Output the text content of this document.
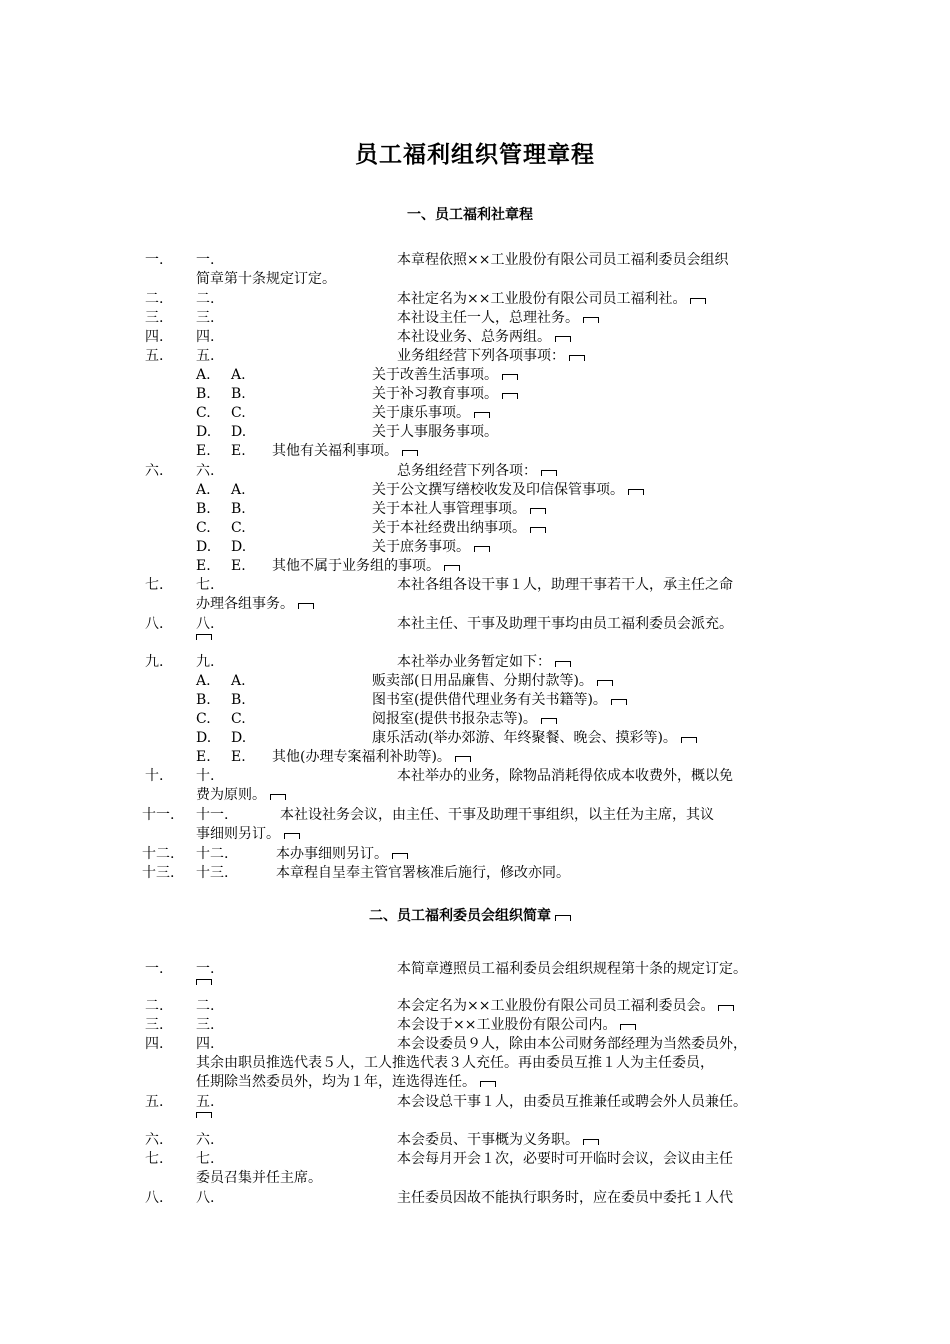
员工福利组织管理章程
一、员工福利社章程
一. 一.	本章程依照××工业股份有限公司员工福利委员会组织
简章第十条规定订定。
二. 二.	本社定名为××工业股份有限公司员工福利社。
三. 三.	本社设主任一人，总理社务。
四. 四.	本社设业务、总务两组。
五. 五.	业务组经营下列各项事项：
A. A.	关于改善生活事项。
B. B.	关于补习教育事项。
C. C.	关于康乐事项。
D. D.	关于人事服务事项。
E. E. 其他有关福利事项。
六. 六.	总务组经营下列各项：
A. A.	关于公文撰写缮校收发及印信保管事项。
B. B.	关于本社人事管理事项。
C. C.	关于本社经费出纳事项。
D. D.	关于庶务事项。
E. E. 其他不属于业务组的事项。
七. 七.	本社各组各设干事１人，助理干事若干人，承主任之命
办理各组事务。
八. 八.	本社主任、干事及助理干事均由员工福利委员会派充。
九. 九.	本社举办业务暂定如下：
A. A.	贩卖部(日用品廉售、分期付款等)。
B. B.	图书室(提供借代理业务有关书籍等)。
C. C.	阅报室(提供书报杂志等)。
D. D.	康乐活动(举办郊游、年终聚餐、晚会、摸彩等)。
E. E. 其他(办理专案福利补助等)。
十. 十.	本社举办的业务，除物品消耗得依成本收费外，概以免
费为原则。
十一. 十一.	本社设社务会议，由主任、干事及助理干事组织，以主任为主席，其议
事细则另订。
十二. 十二.	本办事细则另订。
十三. 十三.	本章程自呈奉主管官署核准后施行，修改亦同。
二、员工福利委员会组织简章
一. 一.	本简章遵照员工福利委员会组织规程第十条的规定订定。
二. 二.	本会定名为××工业股份有限公司员工福利委员会。
三. 三.	本会设于××工业股份有限公司内。
四. 四.	本会设委员９人，除由本公司财务部经理为当然委员外，
其余由职员推选代表５人，工人推选代表３人充任。再由委员互推１人为主任委员，
任期除当然委员外，均为１年，连选得连任。
五. 五.	本会设总干事１人，由委员互推兼任或聘会外人员兼任。
六. 六.	本会委员、干事概为义务职。
七. 七.	本会每月开会１次，必要时可开临时会议，会议由主任
委员召集并任主席。
八. 八.	主任委员因故不能执行职务时，应在委员中委托１人代
